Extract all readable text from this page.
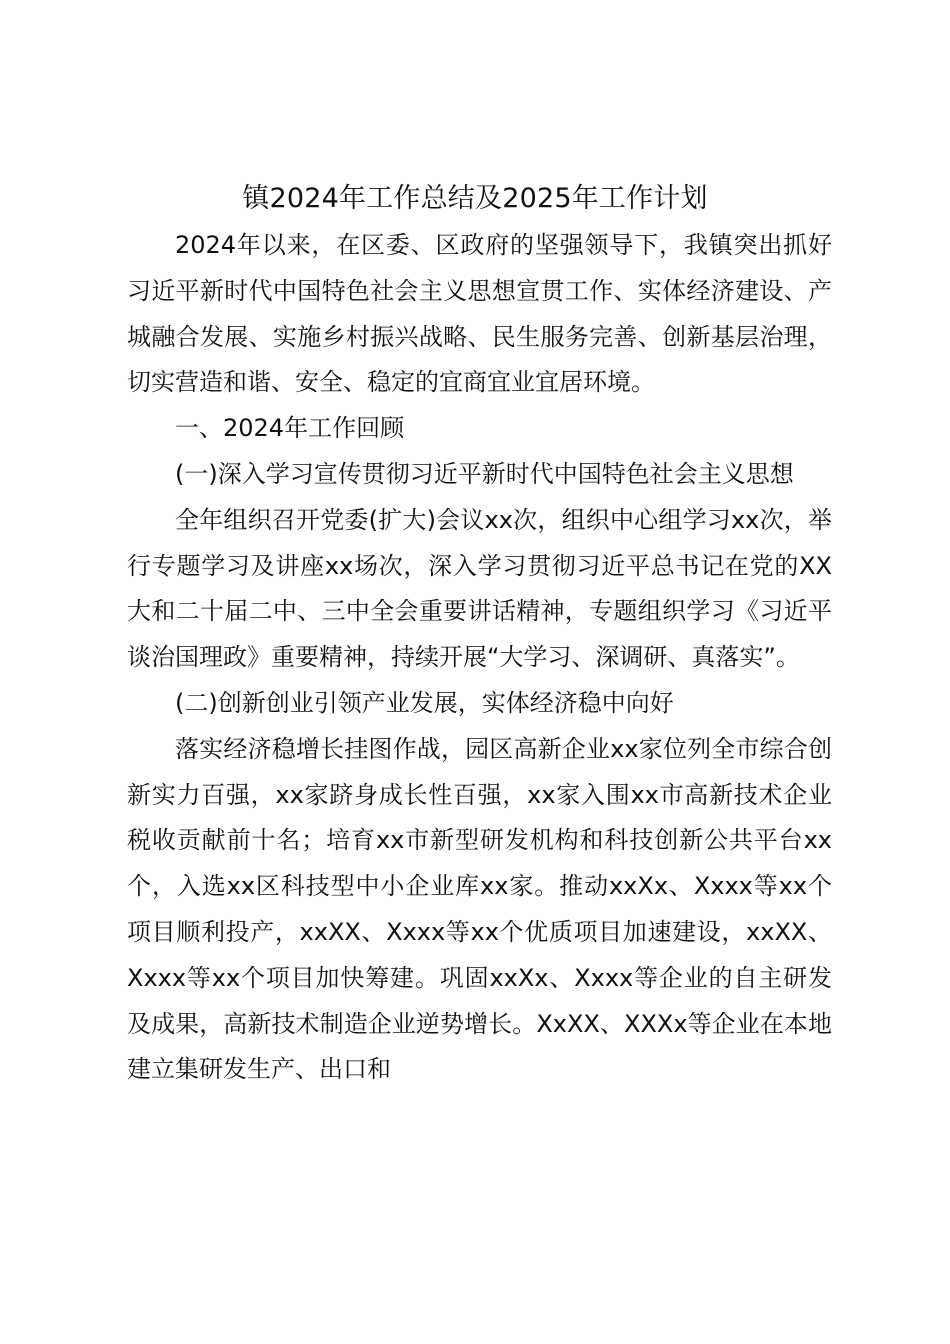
镇2024年工作总结及2025年工作计划

2024年以来，在区委、区政府的坚强领导下，我镇突出抓好习近平新时代中国特色社会主义思想宣贯工作、实体经济建设、产城融合发展、实施乡村振兴战略、民生服务完善、创新基层治理，切实营造和谐、安全、稳定的宜商宜业宜居环境。

一、2024年工作回顾

(一)深入学习宣传贯彻习近平新时代中国特色社会主义思想

全年组织召开党委(扩大)会议xx次，组织中心组学习xx次，举行专题学习及讲座xx场次，深入学习贯彻习近平总书记在党的XX大和二十届二中、三中全会重要讲话精神，专题组织学习《习近平谈治国理政》重要精神，持续开展“大学习、深调研、真落实”。

(二)创新创业引领产业发展，实体经济稳中向好

落实经济稳增长挂图作战，园区高新企业xx家位列全市综合创新实力百强，xx家跻身成长性百强，xx家入围xx市高新技术企业税收贡献前十名；培育xx市新型研发机构和科技创新公共平台xx个，入选xx区科技型中小企业库xx家。推动xxXx、Xxxx等xx个项目顺利投产，xxXX、Xxxx等xx个优质项目加速建设，xxXX、Xxxx等xx个项目加快筹建。巩固xxXx、Xxxx等企业的自主研发及成果，高新技术制造企业逆势增长。XxXX、XXXx等企业在本地建立集研发生产、出口和
